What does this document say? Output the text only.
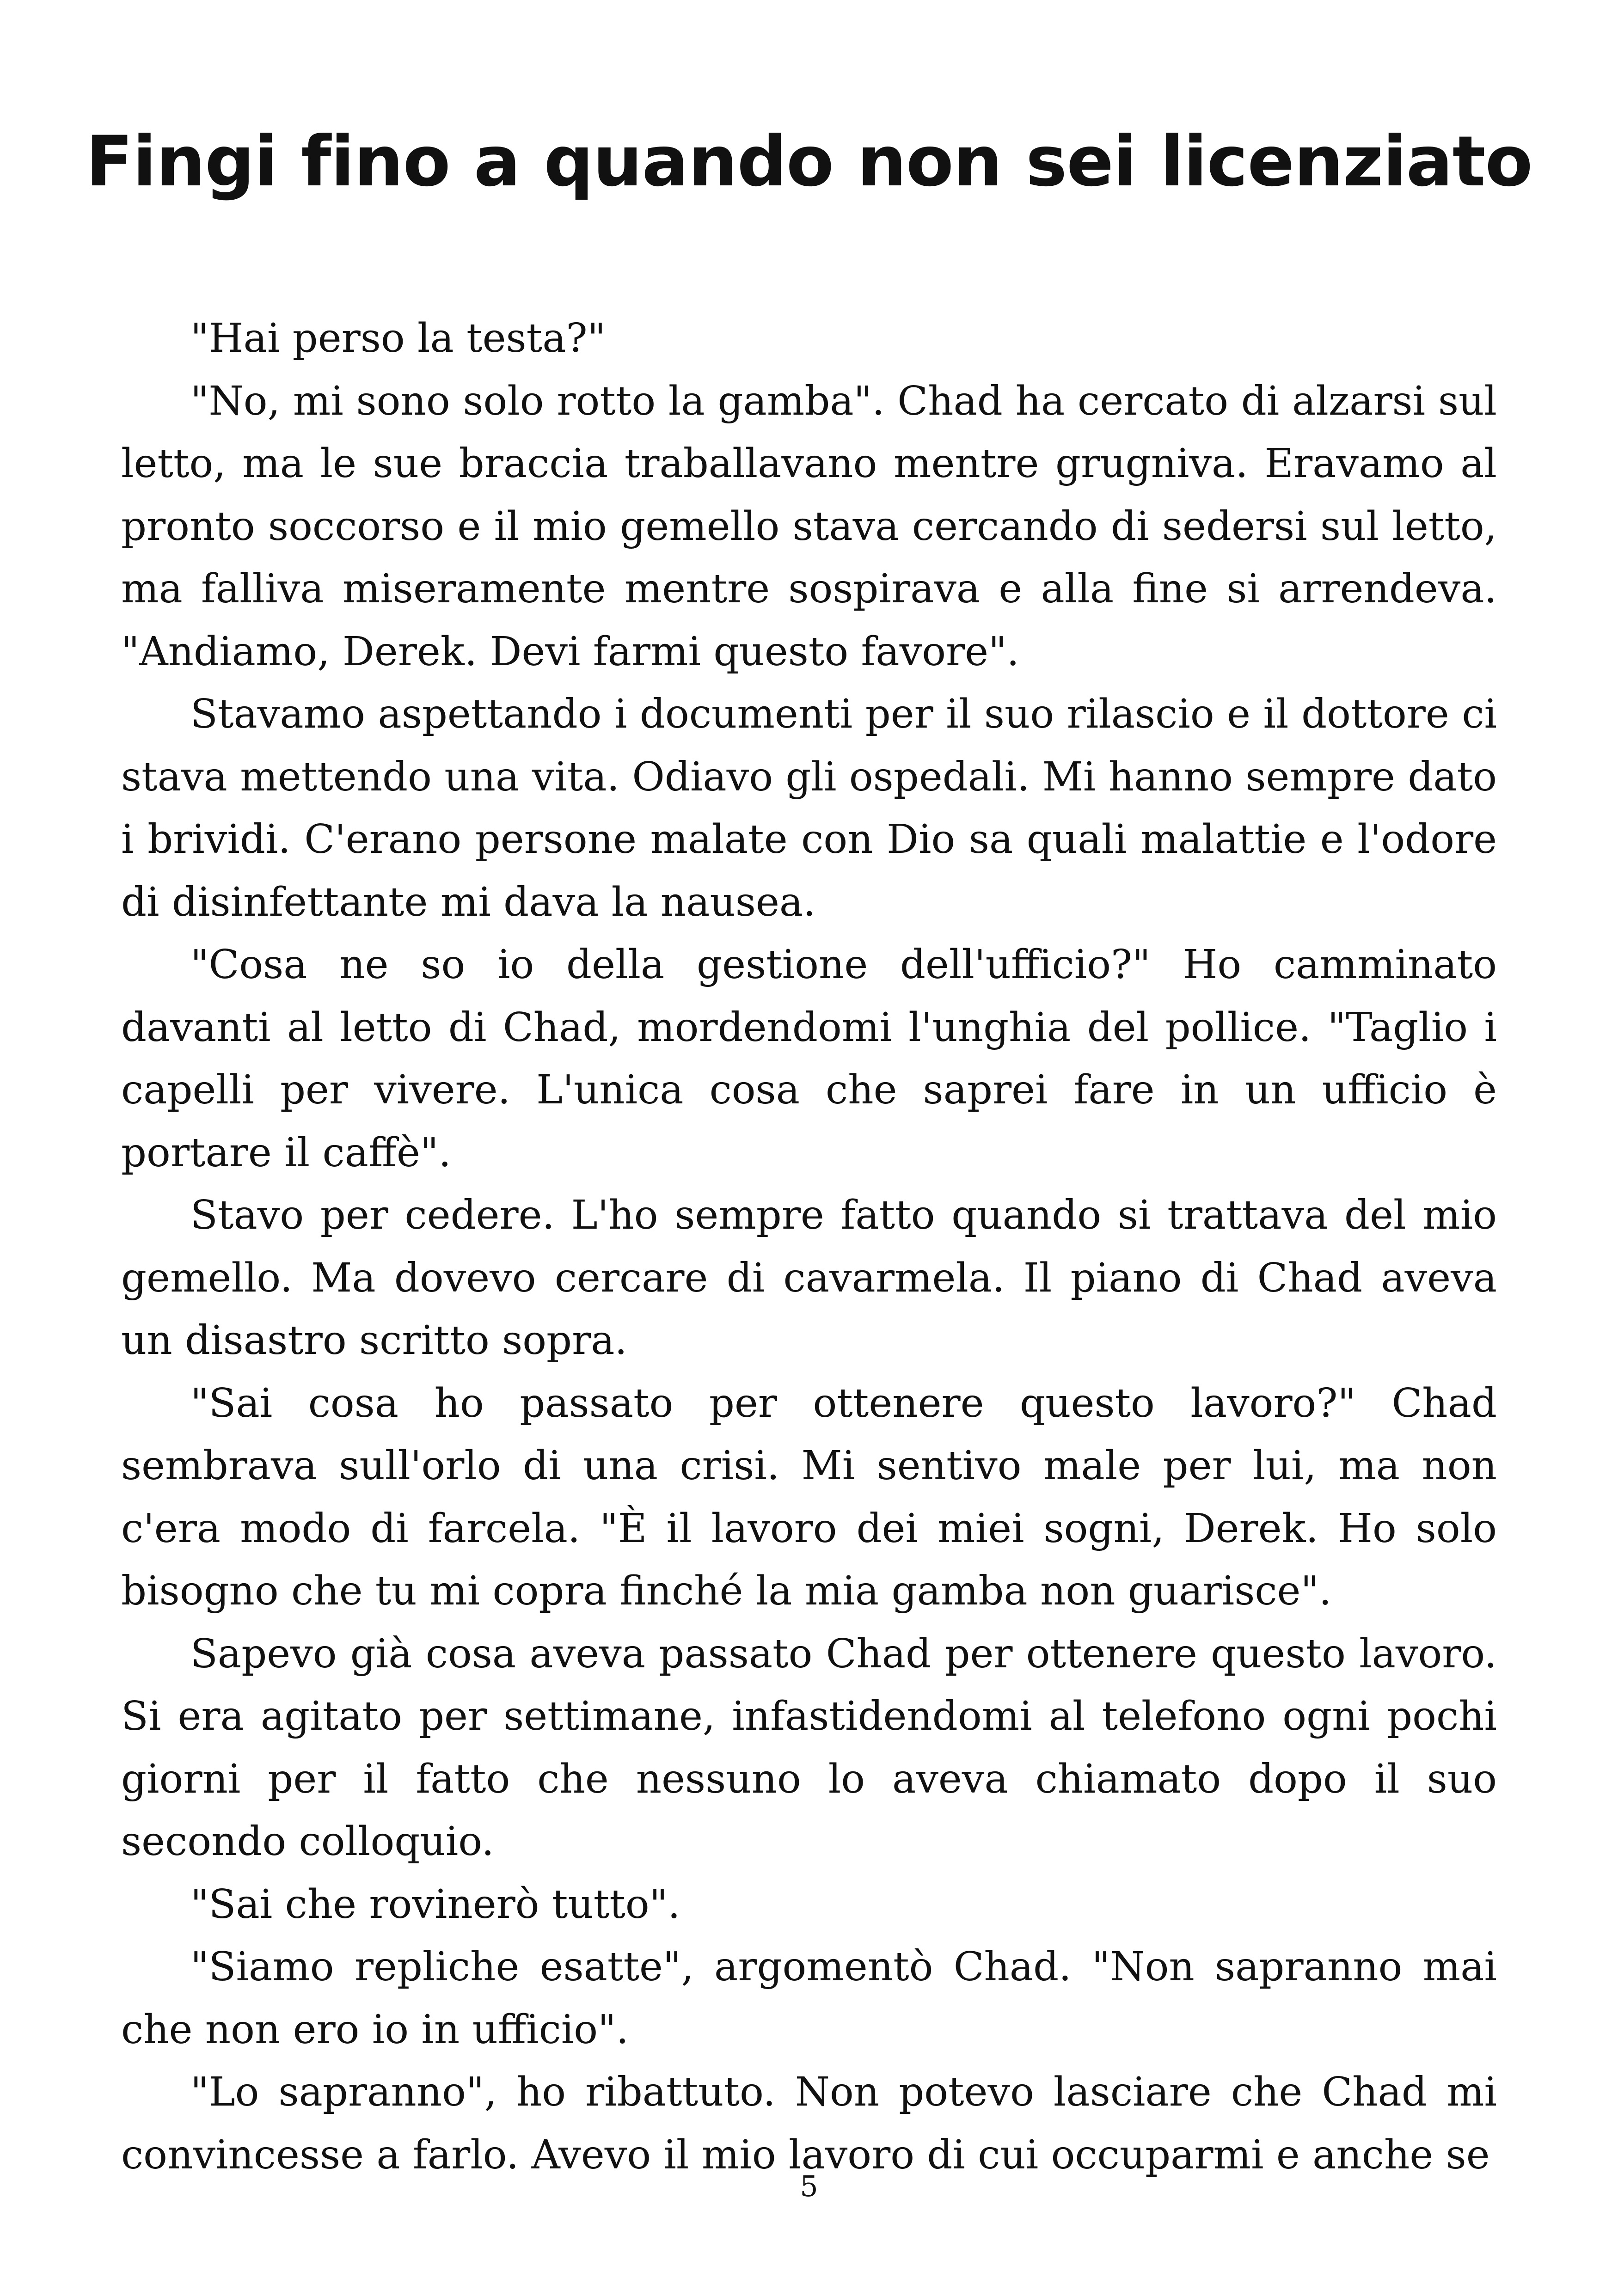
Fingi fino a quando non sei licenziato

"Hai perso la testa?"

"No, mi sono solo rotto la gamba". Chad ha cercato di alzarsi sul letto, ma le sue braccia traballavano mentre grugniva. Eravamo al pronto soccorso e il mio gemello stava cercando di sedersi sul letto, ma falliva miseramente mentre sospirava e alla fine si arrendeva. "Andiamo, Derek. Devi farmi questo favore".

Stavamo aspettando i documenti per il suo rilascio e il dottore ci stava mettendo una vita. Odiavo gli ospedali. Mi hanno sempre dato i brividi. C'erano persone malate con Dio sa quali malattie e l'odore di disinfettante mi dava la nausea.

"Cosa ne so io della gestione dell'ufficio?" Ho camminato davanti al letto di Chad, mordendomi l'unghia del pollice. "Taglio i capelli per vivere. L'unica cosa che saprei fare in un ufficio è portare il caffè".

Stavo per cedere. L'ho sempre fatto quando si trattava del mio gemello. Ma dovevo cercare di cavarmela. Il piano di Chad aveva un disastro scritto sopra.

"Sai cosa ho passato per ottenere questo lavoro?" Chad sembrava sull'orlo di una crisi. Mi sentivo male per lui, ma non c'era modo di farcela. "È il lavoro dei miei sogni, Derek. Ho solo bisogno che tu mi copra finché la mia gamba non guarisce".

Sapevo già cosa aveva passato Chad per ottenere questo lavoro. Si era agitato per settimane, infastidendomi al telefono ogni pochi giorni per il fatto che nessuno lo aveva chiamato dopo il suo secondo colloquio.

"Sai che rovinerò tutto".

"Siamo repliche esatte", argomentò Chad. "Non sapranno mai che non ero io in ufficio".

"Lo sapranno", ho ribattuto. Non potevo lasciare che Chad mi convincesse a farlo. Avevo il mio lavoro di cui occuparmi e anche se

5
